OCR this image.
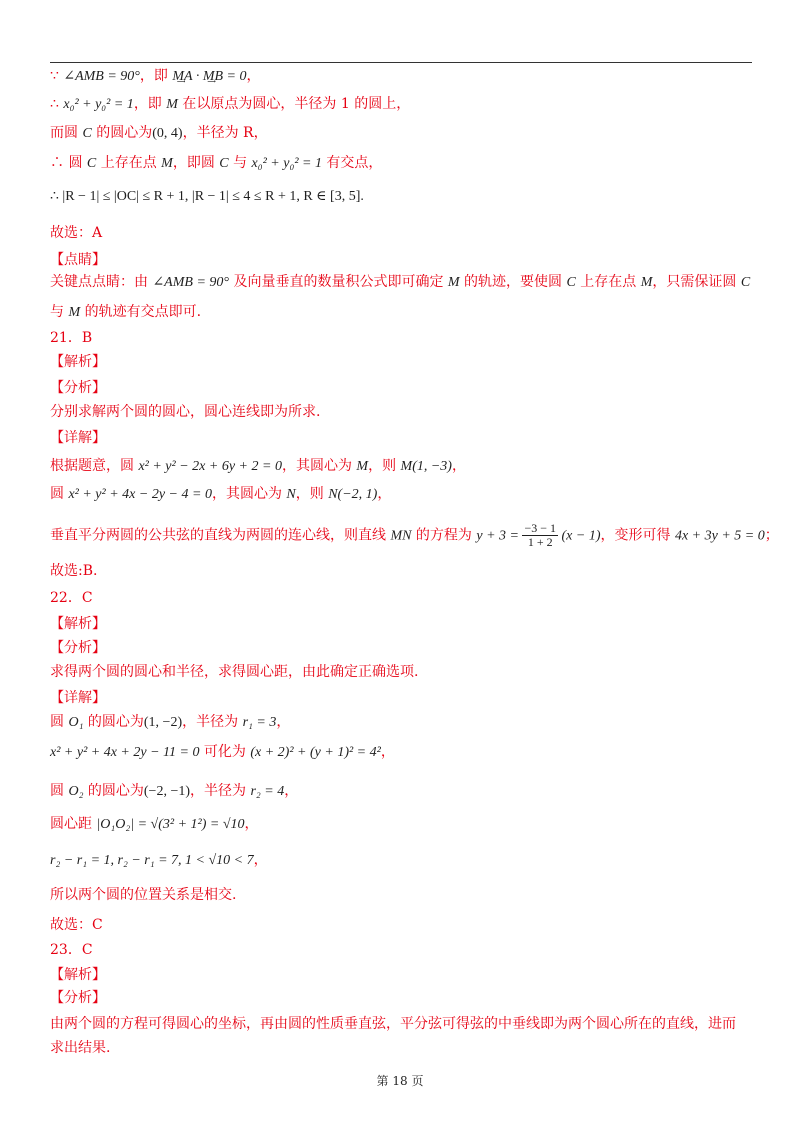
∵ ∠AMB = 90°，即 M͢A · M͢B = 0，
∴ x₀² + y₀² = 1，即 M 在以原点为圆心，半径为 1 的圆上，
而圆 C 的圆心为(0, 4)，半径为 R，
∴ 圆 C 上存在点 M，即圆 C 与 x₀² + y₀² = 1 有交点，
∴ |R − 1| ≤ |OC| ≤ R + 1, |R − 1| ≤ 4 ≤ R + 1, R ∈ [3, 5].
故选：A
【点睛】
关键点点睛：由 ∠AMB = 90° 及向量垂直的数量积公式即可确定 M 的轨迹，要使圆 C 上存在点 M，只需保证圆 C
与 M 的轨迹有交点即可.
21．B
【解析】
【分析】
分别求解两个圆的圆心，圆心连线即为所求.
【详解】
根据题意，圆 x² + y² − 2x + 6y + 2 = 0，其圆心为 M，则 M(1, −3)，
圆 x² + y² + 4x − 2y − 4 = 0，其圆心为 N，则 N(−2, 1)，
垂直平分两圆的公共弦的直线为两圆的连心线，则直线 MN 的方程为 $y + 3 = \frac{-3 - 1}{1 + 2} (x - 1)$，变形可得 4x + 3y + 5 = 0；
故选:B.
22．C
【解析】
【分析】
求得两个圆的圆心和半径，求得圆心距，由此确定正确选项.
【详解】
圆 O₁ 的圆心为(1, −2)，半径为 r₁ = 3，
x² + y² + 4x + 2y − 11 = 0 可化为 (x + 2)² + (y + 1)² = 4²，
圆 O₂ 的圆心为(−2, −1)，半径为 r₂ = 4，
圆心距 |O₁O₂| = √(3² + 1²) = √10，
r₂ − r₁ = 1, r₂ − r₁ = 7, 1 < √10 < 7，
所以两个圆的位置关系是相交.
故选：C
23．C
【解析】
【分析】
由两个圆的方程可得圆心的坐标，再由圆的性质垂直弦，平分弦可得弦的中垂线即为两个圆心所在的直线，进而
求出结果.
第 18 页
